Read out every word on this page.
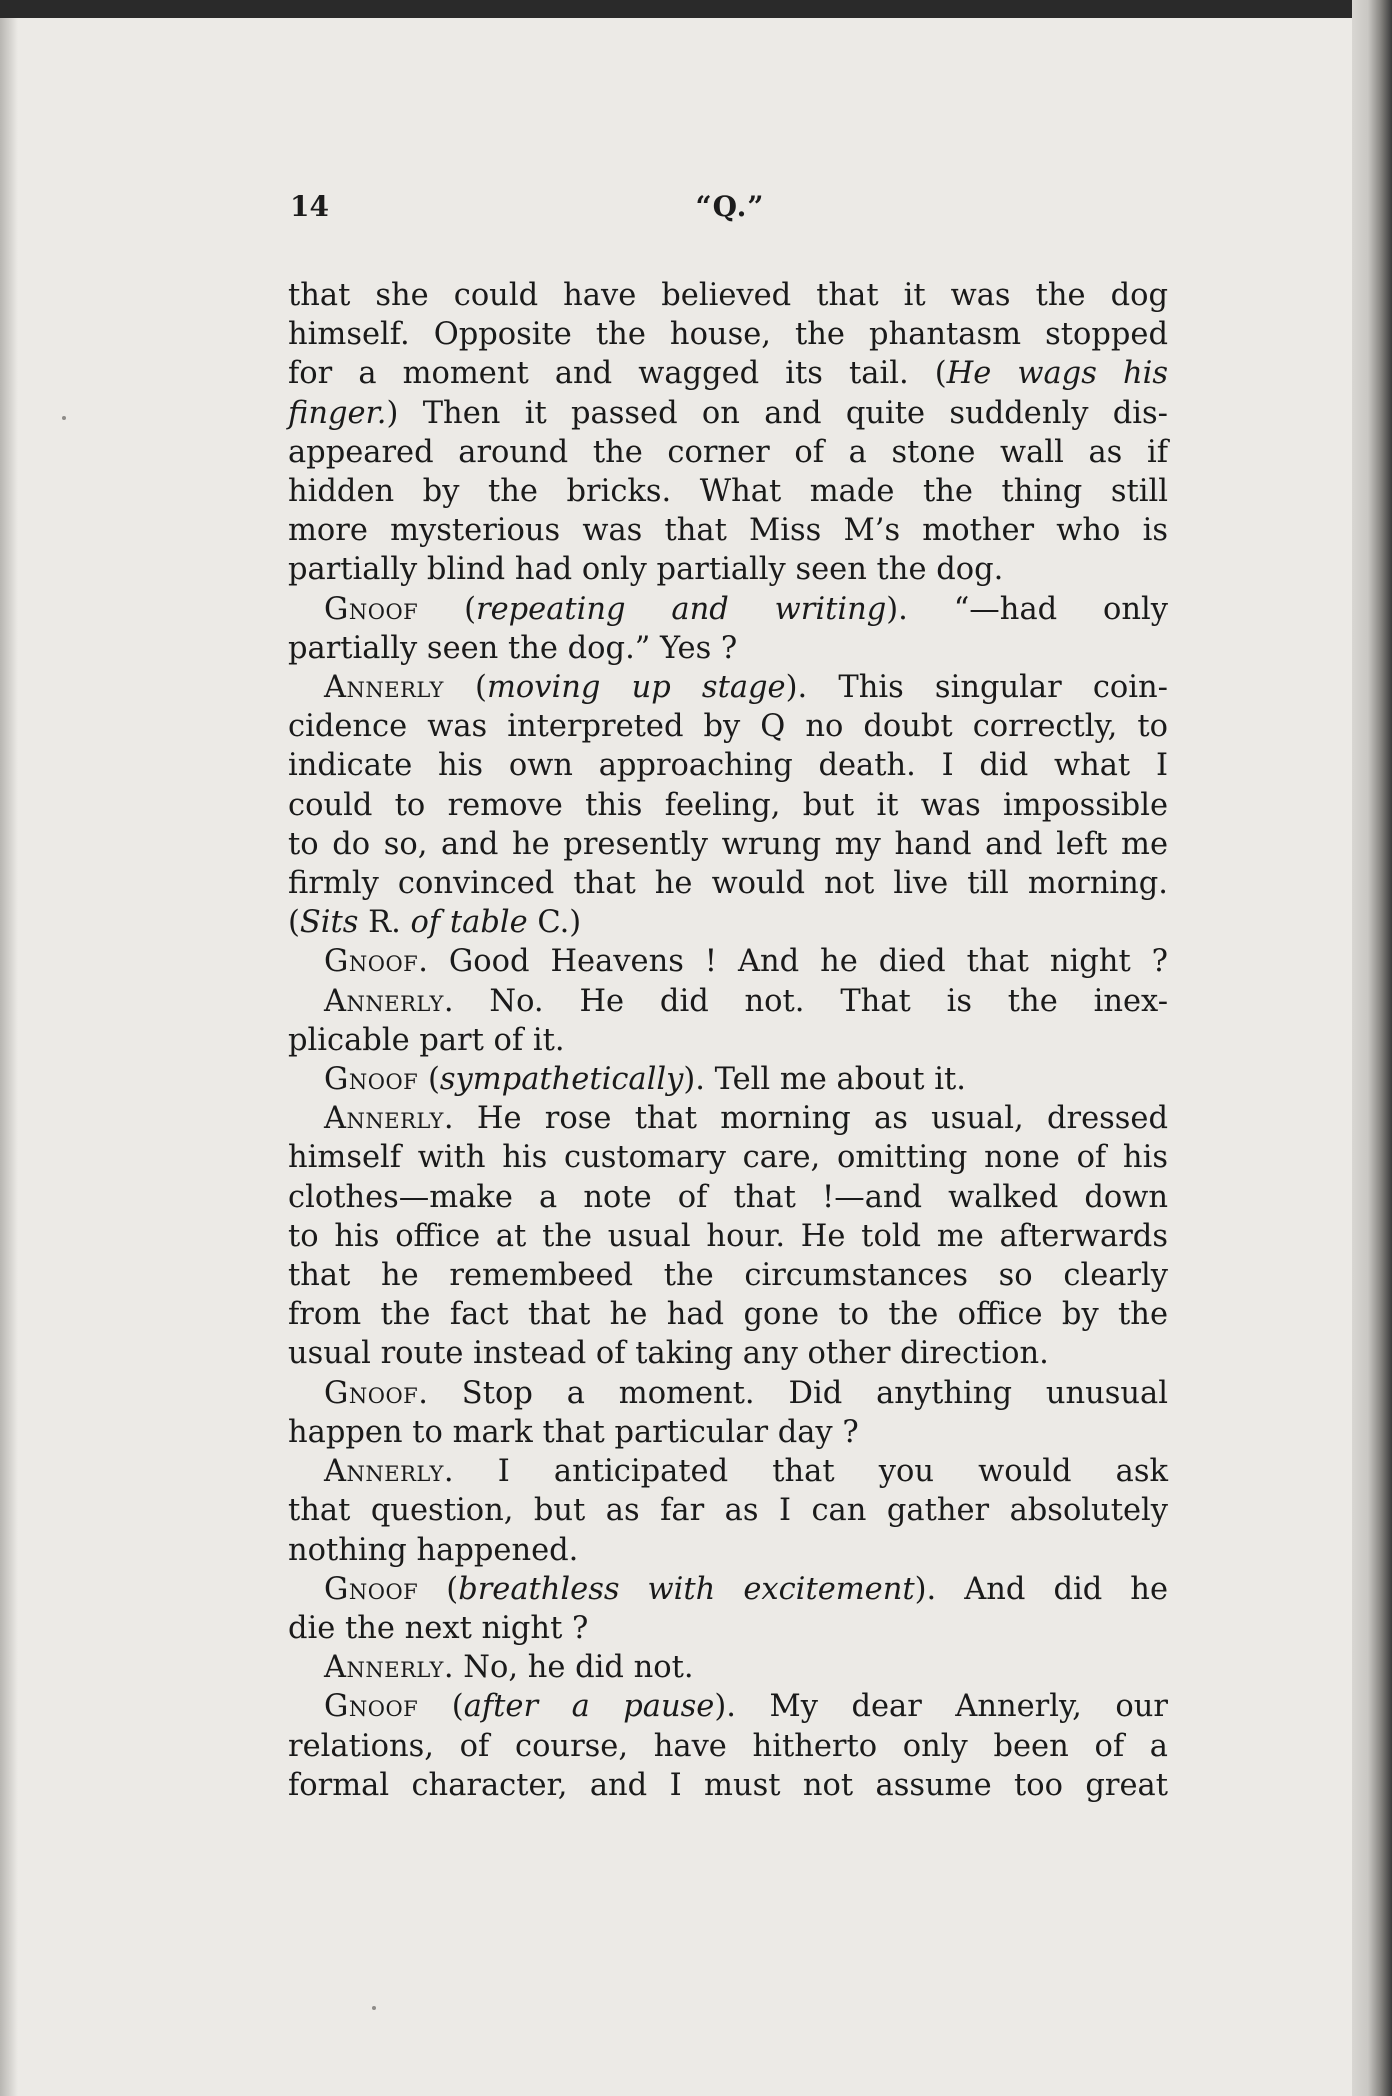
14	“Q.”
that she could have believed that it was the dog
himself. Opposite the house, the phantasm stopped
for a moment and wagged its tail. (He wags his
finger.) Then it passed on and quite suddenly dis-
appeared around the corner of a stone wall as if
hidden by the bricks. What made the thing still
more mysterious was that Miss M’s mother who is
partially blind had only partially seen the dog.
Gnoof (repeating and writing). “—had only
partially seen the dog.” Yes ?
Annerly (moving up stage). This singular coin-
cidence was interpreted by Q no doubt correctly, to
indicate his own approaching death. I did what I
could to remove this feeling, but it was impossible
to do so, and he presently wrung my hand and left me
firmly convinced that he would not live till morning.
(Sits R. of table C.)
Gnoof. Good Heavens ! And he died that night ?
Annerly. No. He did not. That is the inex-
plicable part of it.
Gnoof (sympathetically). Tell me about it.
Annerly. He rose that morning as usual, dressed
himself with his customary care, omitting none of his
clothes—make a note of that !—and walked down
to his office at the usual hour. He told me afterwards
that he remembeed the circumstances so clearly
from the fact that he had gone to the office by the
usual route instead of taking any other direction.
Gnoof. Stop a moment. Did anything unusual
happen to mark that particular day ?
Annerly. I anticipated that you would ask
that question, but as far as I can gather absolutely
nothing happened.
Gnoof (breathless with excitement). And did he
die the next night ?
Annerly. No, he did not.
Gnoof (after a pause). My dear Annerly, our
relations, of course, have hitherto only been of a
formal character, and I must not assume too great
